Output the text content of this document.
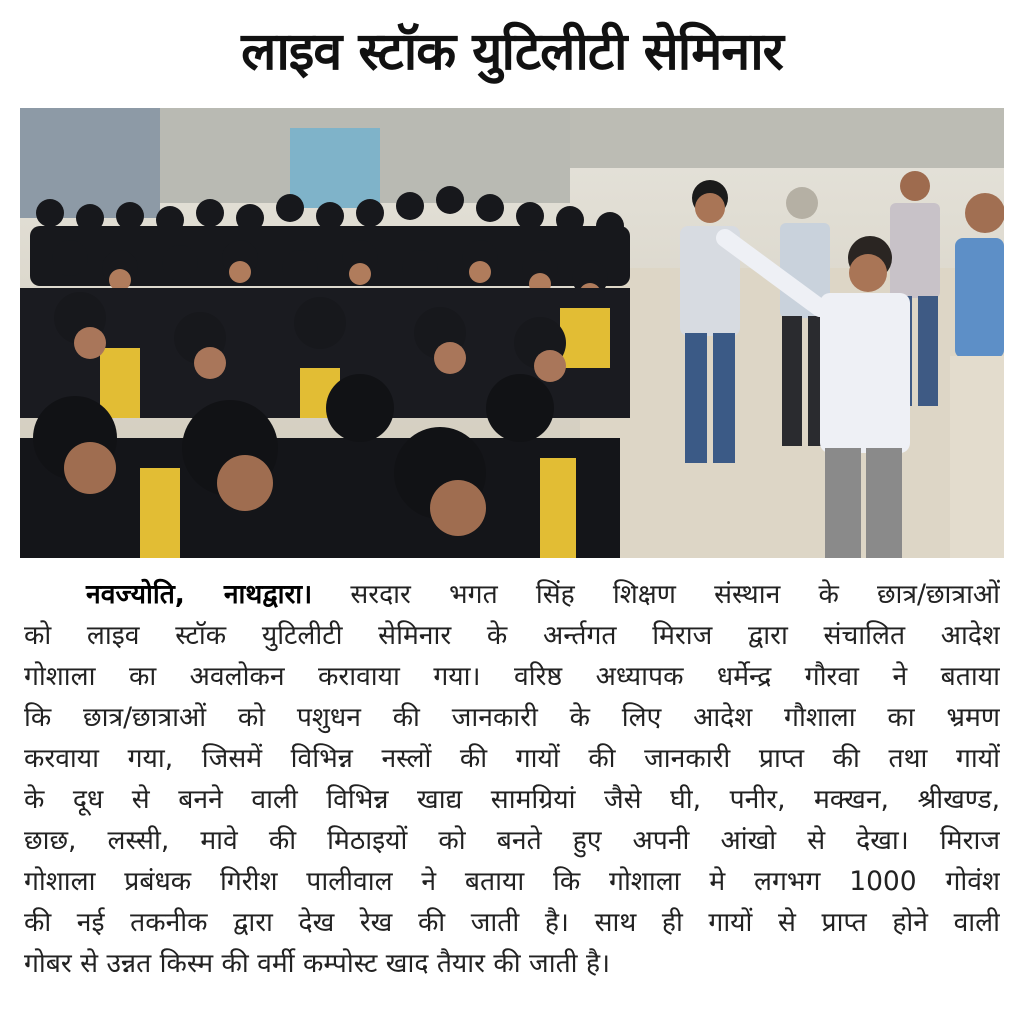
लाइव स्टॉक युटिलीटी सेमिनार
नवज्योति, नाथद्वारा। सरदार भगत सिंह शिक्षण संस्थान के छात्र/छात्राओं
को लाइव स्टॉक युटिलीटी सेमिनार के अर्न्तगत मिराज द्वारा संचालित आदेश
गोशाला का अवलोकन करावाया गया। वरिष्ठ अध्यापक धर्मेन्द्र गौरवा ने बताया
कि छात्र/छात्राओं को पशुधन की जानकारी के लिए आदेश गौशाला का भ्रमण
करवाया गया, जिसमें विभिन्न नस्लों की गायों की जानकारी प्राप्त की तथा गायों
के दूध से बनने वाली विभिन्न खाद्य सामग्रियां जैसे घी, पनीर, मक्खन, श्रीखण्ड,
छाछ, लस्सी, मावे की मिठाइयों को बनते हुए अपनी आंखो से देखा। मिराज
गोशाला प्रबंधक गिरीश पालीवाल ने बताया कि गोशाला मे लगभग 1000 गोवंश
की नई तकनीक द्वारा देख रेख की जाती है। साथ ही गायों से प्राप्त होने वाली
गोबर से उन्नत किस्म की वर्मी कम्पोस्ट खाद तैयार की जाती है।
